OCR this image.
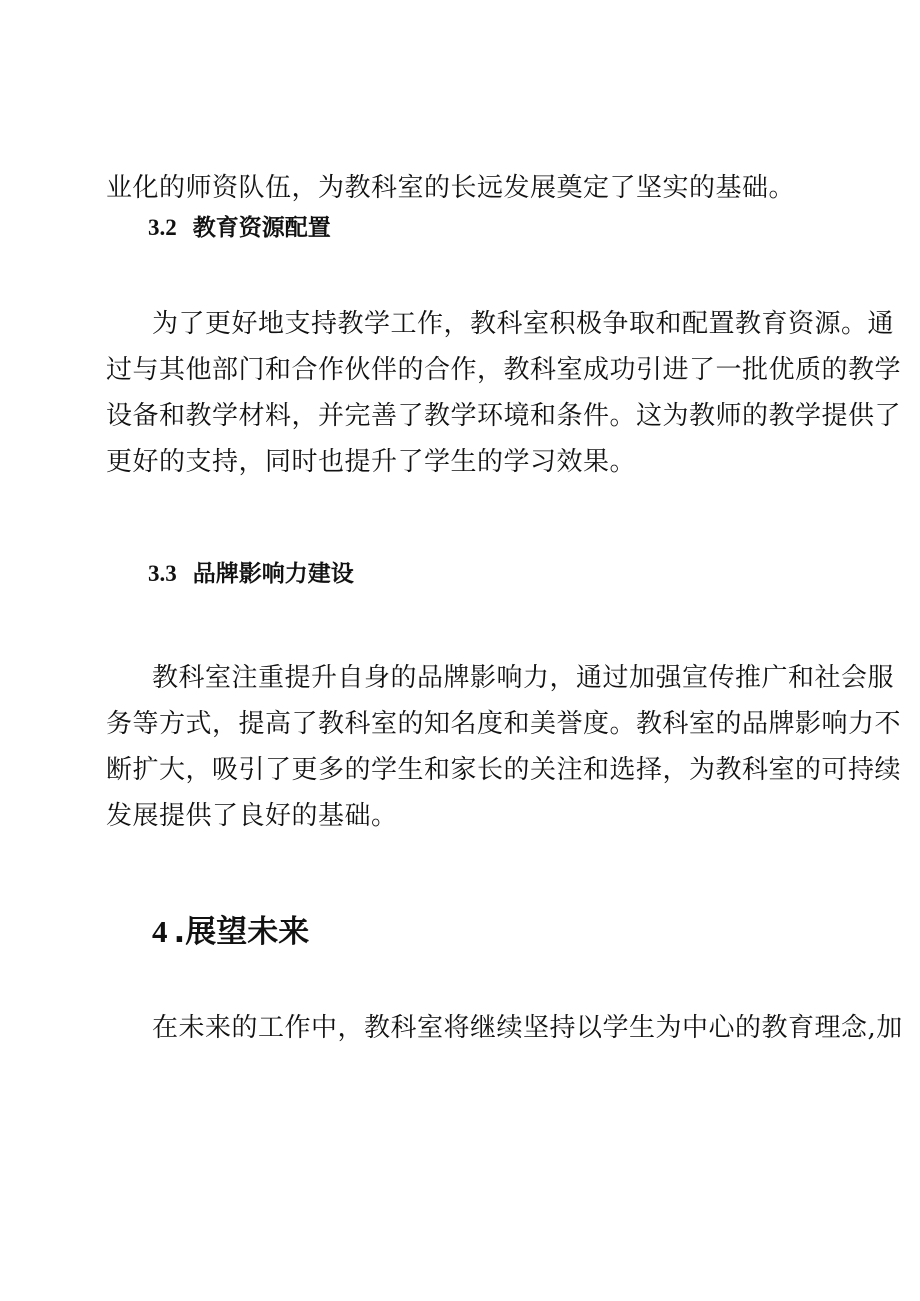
业化的师资队伍，为教科室的长远发展奠定了坚实的基础。

3.2 教育资源配置

为了更好地支持教学工作，教科室积极争取和配置教育资源。通

过与其他部门和合作伙伴的合作，教科室成功引进了一批优质的教学

设备和教学材料，并完善了教学环境和条件。这为教师的教学提供了

更好的支持，同时也提升了学生的学习效果。

3.3 品牌影响力建设

教科室注重提升自身的品牌影响力，通过加强宣传推广和社会服

务等方式，提高了教科室的知名度和美誉度。教科室的品牌影响力不

断扩大，吸引了更多的学生和家长的关注和选择，为教科室的可持续

发展提供了良好的基础。

4 .展望未来

在未来的工作中，教科室将继续坚持以学生为中心的教育理念,加
